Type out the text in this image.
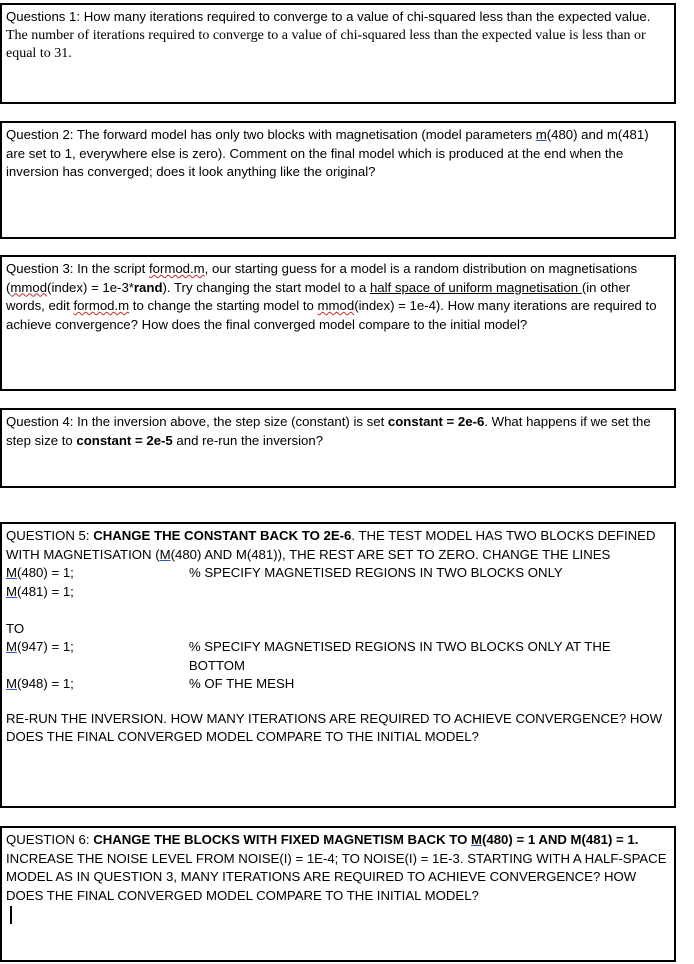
Questions 1: How many iterations required to converge to a value of chi-squared less than the expected value.

The number of iterations required to converge to a value of chi-squared less than the expected value is less than or equal to 31.

Question 2: The forward model has only two blocks with magnetisation (model parameters m(480) and m(481) are set to 1, everywhere else is zero). Comment on the final model which is produced at the end when the inversion has converged; does it look anything like the original?

Question 3: In the script formod.m, our starting guess for a model is a random distribution on magnetisations (mmod(index) = 1e-3*rand). Try changing the start model to a half space of uniform magnetisation (in other words, edit formod.m to change the starting model to mmod(index) = 1e-4). How many iterations are required to achieve convergence? How does the final converged model compare to the initial model?

Question 4: In the inversion above, the step size (constant) is set constant = 2e-6. What happens if we set the step size to constant = 2e-5 and re-run the inversion?

QUESTION 5: CHANGE THE CONSTANT BACK TO 2E-6. THE TEST MODEL HAS TWO BLOCKS DEFINED WITH MAGNETISATION (M(480) AND M(481)), THE REST ARE SET TO ZERO. CHANGE THE LINES

M(480) = 1;	% SPECIFY MAGNETISED REGIONS IN TWO BLOCKS ONLY
M(481) = 1;

TO

M(947) = 1;	% SPECIFY MAGNETISED REGIONS IN TWO BLOCKS ONLY AT THE BOTTOM
M(948) = 1;	% OF THE MESH

RE-RUN THE INVERSION. HOW MANY ITERATIONS ARE REQUIRED TO ACHIEVE CONVERGENCE? HOW DOES THE FINAL CONVERGED MODEL COMPARE TO THE INITIAL MODEL?

QUESTION 6: CHANGE THE BLOCKS WITH FIXED MAGNETISM BACK TO M(480) = 1 AND M(481) = 1.

INCREASE THE NOISE LEVEL FROM NOISE(I) = 1E-4; TO NOISE(I) = 1E-3. STARTING WITH A HALF-SPACE MODEL AS IN QUESTION 3, MANY ITERATIONS ARE REQUIRED TO ACHIEVE CONVERGENCE? HOW DOES THE FINAL CONVERGED MODEL COMPARE TO THE INITIAL MODEL?
